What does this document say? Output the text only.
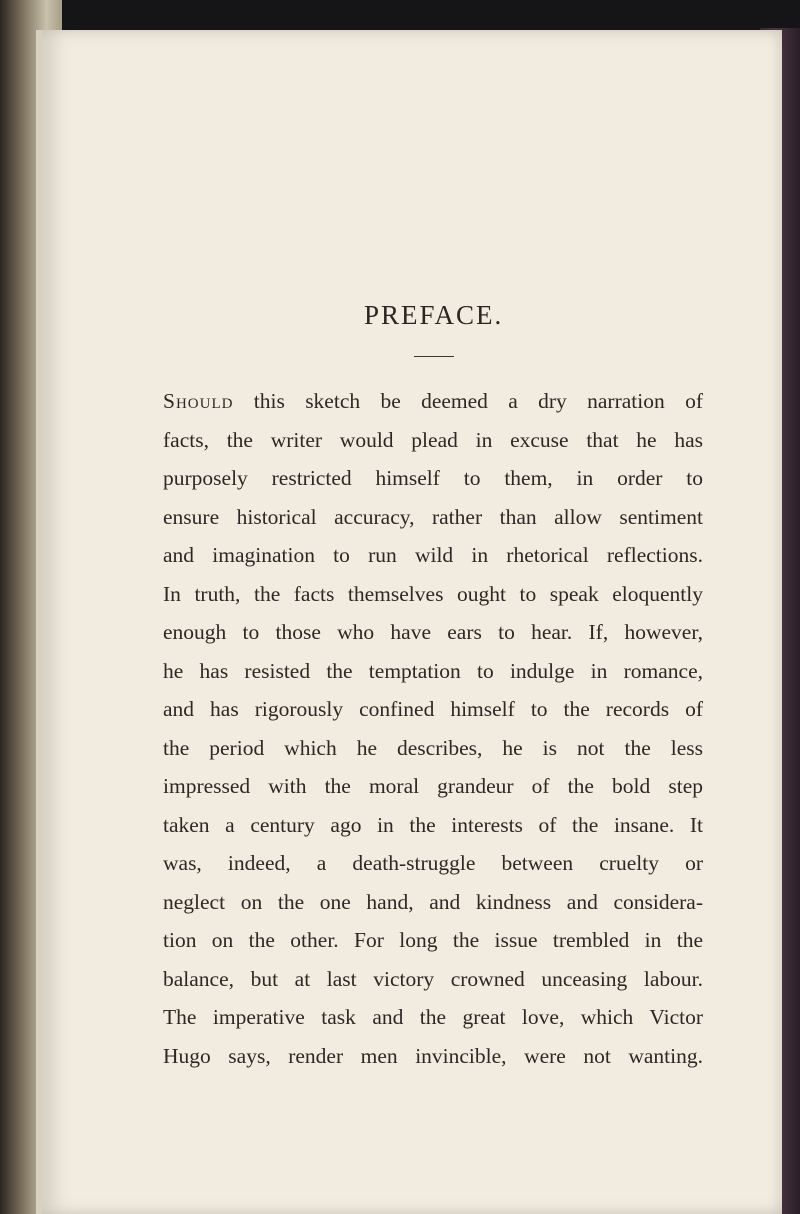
PREFACE.
Should this sketch be deemed a dry narration of
facts, the writer would plead in excuse that he has
purposely restricted himself to them, in order to
ensure historical accuracy, rather than allow sentiment
and imagination to run wild in rhetorical reflections.
In truth, the facts themselves ought to speak eloquently
enough to those who have ears to hear. If, however,
he has resisted the temptation to indulge in romance,
and has rigorously confined himself to the records of
the period which he describes, he is not the less
impressed with the moral grandeur of the bold step
taken a century ago in the interests of the insane. It
was, indeed, a death-struggle between cruelty or
neglect on the one hand, and kindness and considera-
tion on the other. For long the issue trembled in the
balance, but at last victory crowned unceasing labour.
The imperative task and the great love, which Victor
Hugo says, render men invincible, were not wanting.
